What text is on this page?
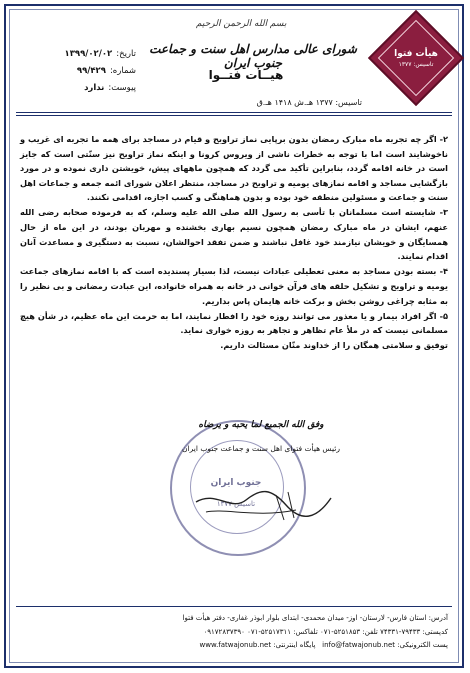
هیأت فتوا
تاسیس: ۱۳۷۷
بسم الله الرحمن الرحیم
شورای عالی مدارس اهل سنت و جماعت جنوب ایران
هیــات فتــوا
تاسیس: ۱۳۷۷ هـ.ش ۱۴۱۸ هـ.ق
تاریخ:
۱۳۹۹/۰۲/۰۲
شماره:
۹۹/۴۲۹
پیوست:
ندارد

۲- اگر چه تجربه ماه مبارک رمضان بدون برپایی نماز تراویح و قیام در مساجد برای همه ما تجربه ای غریب و ناخوشایند است اما با توجه به خطرات ناشی از ویروس کرونا و اینکه نماز تراویح نیز سنّتی است که جایز است در خانه اقامه گردد، بنابراین تأکید می گردد که همچون ماههای پیش، خویشتن داری نموده و در مورد بازگشایی مساجد و اقامه نمازهای یومیه و تراویح در مساجد، منتظر اعلان شورای ائمه جمعه و جماعات اهل سنت و جماعت و مسئولین منطقه خود بوده و بدون هماهنگی و کسب اجازه، اقدامی نکنند.

۳- شایسته است مسلمانان با تأسی به رسول الله صلی الله علیه وسلم، که به فرموده صحابه رضی الله عنهم، ایشان در ماه مبارک رمضان همچون نسیم بهاری بخشنده و مهربان بودند، در این ماه از حال همسایگان و خویشان نیازمند خود غافل نباشند و ضمن تفقد احوالشان، نسبت به دستگیری و مساعدت آنان اقدام نمایند.

۴- بسته بودن مساجد به معنی تعطیلی عبادات نیست، لذا بسیار پسندیده است که با اقامه نمازهای جماعت یومیه و تراویح و تشکیل حلقه های قرآن خوانی در خانه به همراه خانواده، این عبادت رمضانی و بی نظیر را به مثابه چراغی روشن بخش و برکت خانه هایمان پاس بداریم.

۵- اگر افراد بیمار و یا معذور می توانند روزه خود را افطار نمایند، اما به حرمت این ماه عظیم، در شأن هیچ مسلمانی نیست که در ملأ عام تظاهر و تجاهر به روزه خواری نماید.

توفیق و سلامتی همگان را از خداوند منّان مسئالت داریم.

جنوب ایران
تاسیس ۱۳۷۷
وفق الله الجمیع لما یحبه و یرضاه
رئیس هیأت فتوای اهل سنت و جماعت جنوب ایران
آدرس: استان فارس- لارستان- اوز- میدان محمدی- ابتدای بلوار ابوذر غفاری- دفتر هیأت فتوا
کدپستی: ۷۹۴۳۳-۷۴۳۳۱ تلفن: ۵۲۵۱۸۵۳-۰۷۱ تلفاکس: ۵۲۵۱۷۳۱۱-۰۷۱ ۰۹۱۷۲۸۳۷۳۹۰
پست الکترونیکی: info@fatwajonub.net   پایگاه اینترنتی: www.fatwajonub.net
